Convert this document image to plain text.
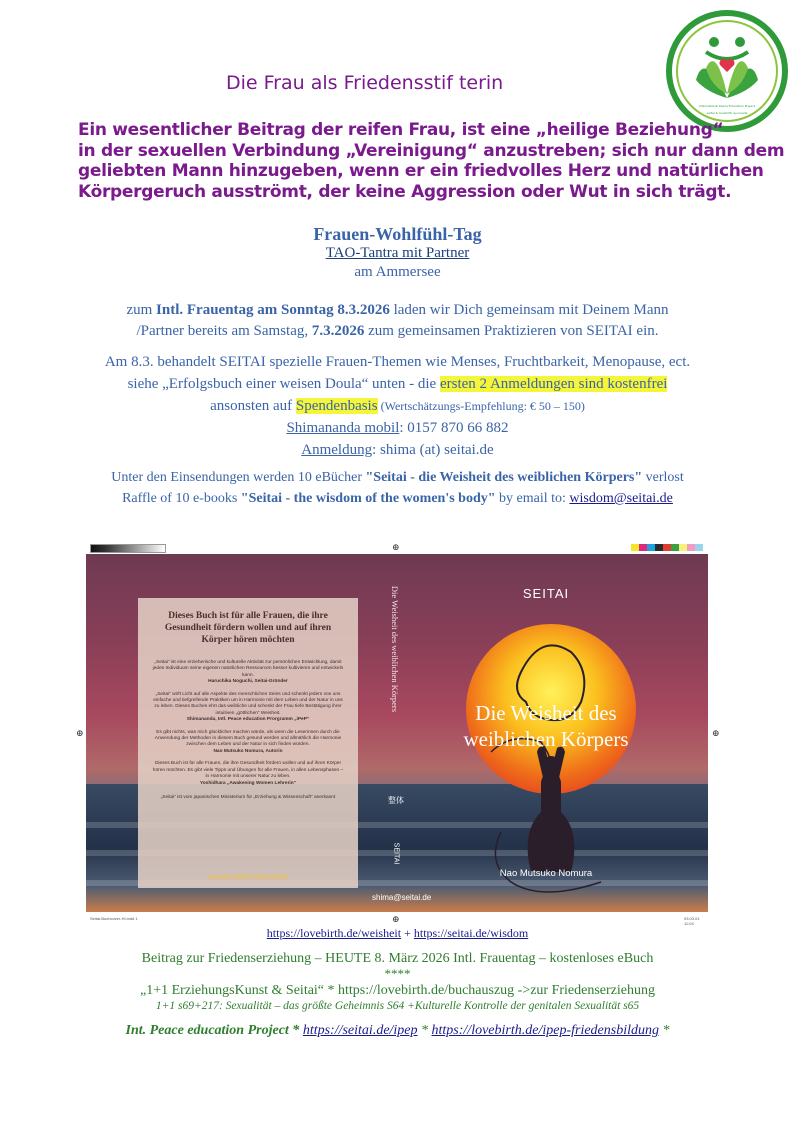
International Peace Education Project
seitai & lovebirth ayurveda
Die Frau als Friedensstif terin
Ein wesentlicher Beitrag der reifen Frau, ist eine „heilige Beziehung“
in der sexuellen Verbindung „Vereinigung“ anzustreben; sich nur dann dem
geliebten Mann hinzugeben, wenn er ein friedvolles Herz und natürlichen
Körpergeruch ausströmt, der keine Aggression oder Wut in sich trägt.
Frauen-Wohlfühl-Tag
TAO-Tantra mit Partner
am Ammersee
zum Intl. Frauentag am Sonntag 8.3.2026 laden wir Dich gemeinsam mit Deinem Mann
/Partner bereits am Samstag, 7.3.2026 zum gemeinsamen Praktizieren von SEITAI ein.
Am 8.3. behandelt SEITAI spezielle Frauen-Themen wie Menses, Fruchtbarkeit, Menopause, ect.
siehe „Erfolgsbuch einer weisen Doula“ unten - die ersten 2 Anmeldungen sind kostenfrei
ansonsten auf Spendenbasis (Wertschätzungs-Empfehlung: € 50 – 150)
Shimananda mobil: 0157 870 66 882
Anmeldung: shima (at) seitai.de
Unter den Einsendungen werden 10 eBücher "Seitai - die Weisheit des weiblichen Körpers" verlost
Raffle of 10 e-books "Seitai - the wisdom of the women's body" by email to: wisdom@seitai.de
Dieses Buch ist für alle Frauen, die ihre Gesundheit fördern wollen und auf ihren Körper hören möchten
„Seitai“ ist eine erzieherische und kulturelle Aktivität zur persönlichen Entwicklung, damit jedes Individuum seine eigenen natürlichen Ressourcen besser kultivieren und entwickeln kann.
Haruchika Noguchi, Seitai-Gründer
„Seitai“ wirft Licht auf alle Aspekte des menschlichen Seins und schenkt jedem von uns einfache und tiefgreifende Praktiken um in Harmonie mit dem Leben und der Natur in uns zu leben. Dieses Buches ehrt das weibliche und schenkt der Frau tiefe Bestätigung ihrer intuitiven „göttlichen“ Weisheit.
Shimananda, Intl. Peace education Prorgramm „iPeP“
Es gibt nichts, was mich glücklicher machen würde, als wenn die Leserinnen durch die Anwendung der Methoden in diesem Buch gesund werden und allmählich die Harmonie zwischen dem Leben und der Natur in sich finden würden.
Nao Mutsuko Nomura, Autorin
Dieses Buch ist für alle Frauen, die ihre Gesundheit fördern wollen und auf ihren Körper hören möchten. Es gibt viele Tipps und Übungen für alle Frauen, in allen Lebensphasen – in Harmonie mit unserer Natur zu leben.
Yoshidhara „Awakening Women Lehrerin“
„Seitai“ ist vom japanischen Ministerium für „Erziehung & Wissenschaft“ anerkannt
www.lovebirth.de/weisheit
Die Weisheit des weiblichen Körpers
整体
SEITAI
shima@seitai.de
SEITAI
Die Weisheit des
weiblichen Körpers
Nao Mutsuko Nomura
⊕
⊕
⊕	⊕
Seitai-Buchcover-HI.indd 1	03.03.01 11:04
https://lovebirth.de/weisheit + https://seitai.de/wisdom
Beitrag zur Friedenserziehung – HEUTE 8. März 2026 Intl. Frauentag – kostenloses eBuch
****
„1+1 ErziehungsKunst & Seitai“ * https://lovebirth.de/buchauszug ->zur Friedenserziehung
1+1 s69+217: Sexualität – das größte Geheimnis S64 +Kulturelle Kontrolle der genitalen Sexualität s65
Int. Peace education Project * https://seitai.de/ipep * https://lovebirth.de/ipep-friedensbildung *
